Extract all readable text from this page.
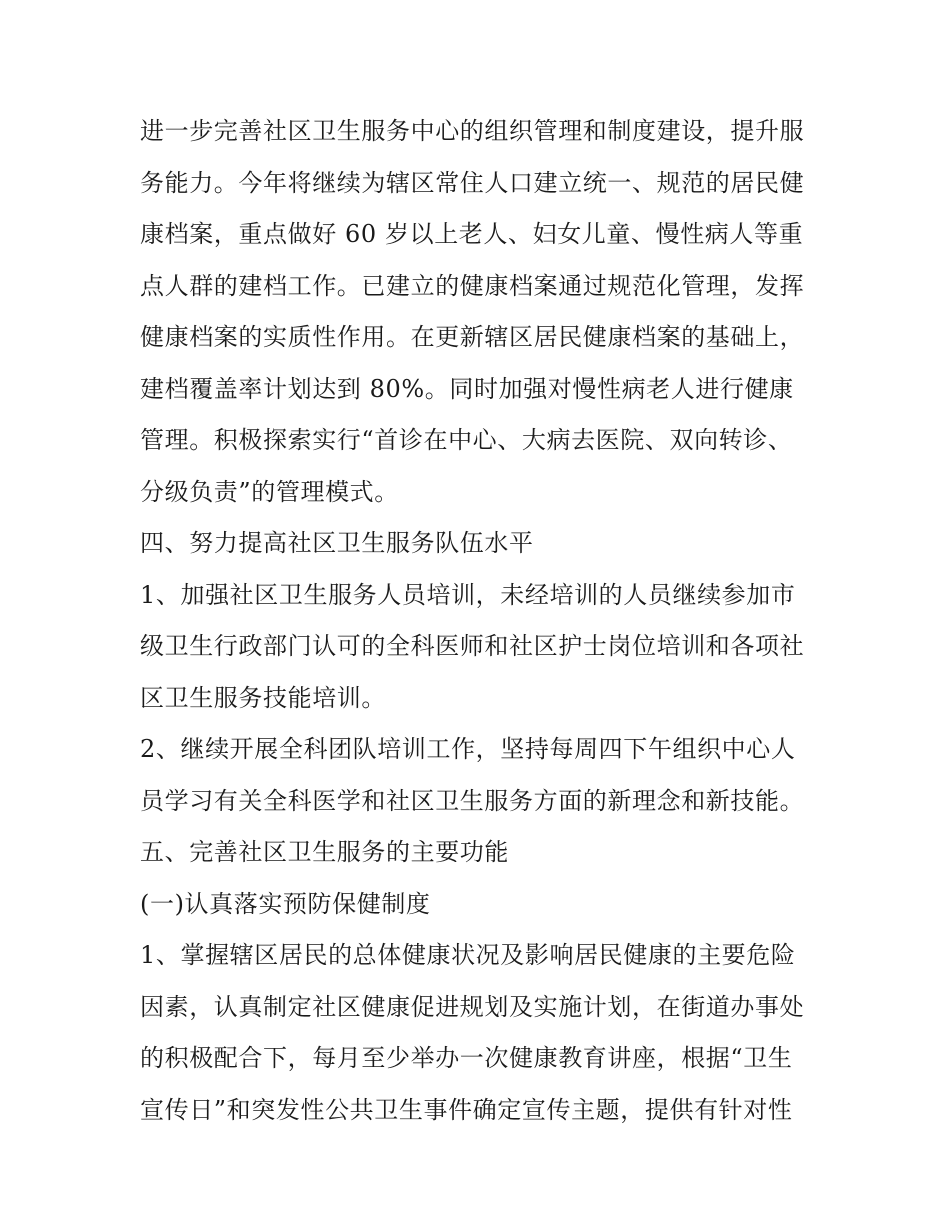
进一步完善社区卫生服务中心的组织管理和制度建设，提升服
务能力。今年将继续为辖区常住人口建立统一、规范的居民健
康档案，重点做好 60 岁以上老人、妇女儿童、慢性病人等重
点人群的建档工作。已建立的健康档案通过规范化管理，发挥
健康档案的实质性作用。在更新辖区居民健康档案的基础上，
建档覆盖率计划达到 80%。同时加强对慢性病老人进行健康
管理。积极探索实行“首诊在中心、大病去医院、双向转诊、
分级负责”的管理模式。
四、努力提高社区卫生服务队伍水平
1、加强社区卫生服务人员培训，未经培训的人员继续参加市
级卫生行政部门认可的全科医师和社区护士岗位培训和各项社
区卫生服务技能培训。
2、继续开展全科团队培训工作，坚持每周四下午组织中心人
员学习有关全科医学和社区卫生服务方面的新理念和新技能。
五、完善社区卫生服务的主要功能
(一)认真落实预防保健制度
1、掌握辖区居民的总体健康状况及影响居民健康的主要危险
因素，认真制定社区健康促进规划及实施计划，在街道办事处
的积极配合下，每月至少举办一次健康教育讲座，根据“卫生
宣传日”和突发性公共卫生事件确定宣传主题，提供有针对性
